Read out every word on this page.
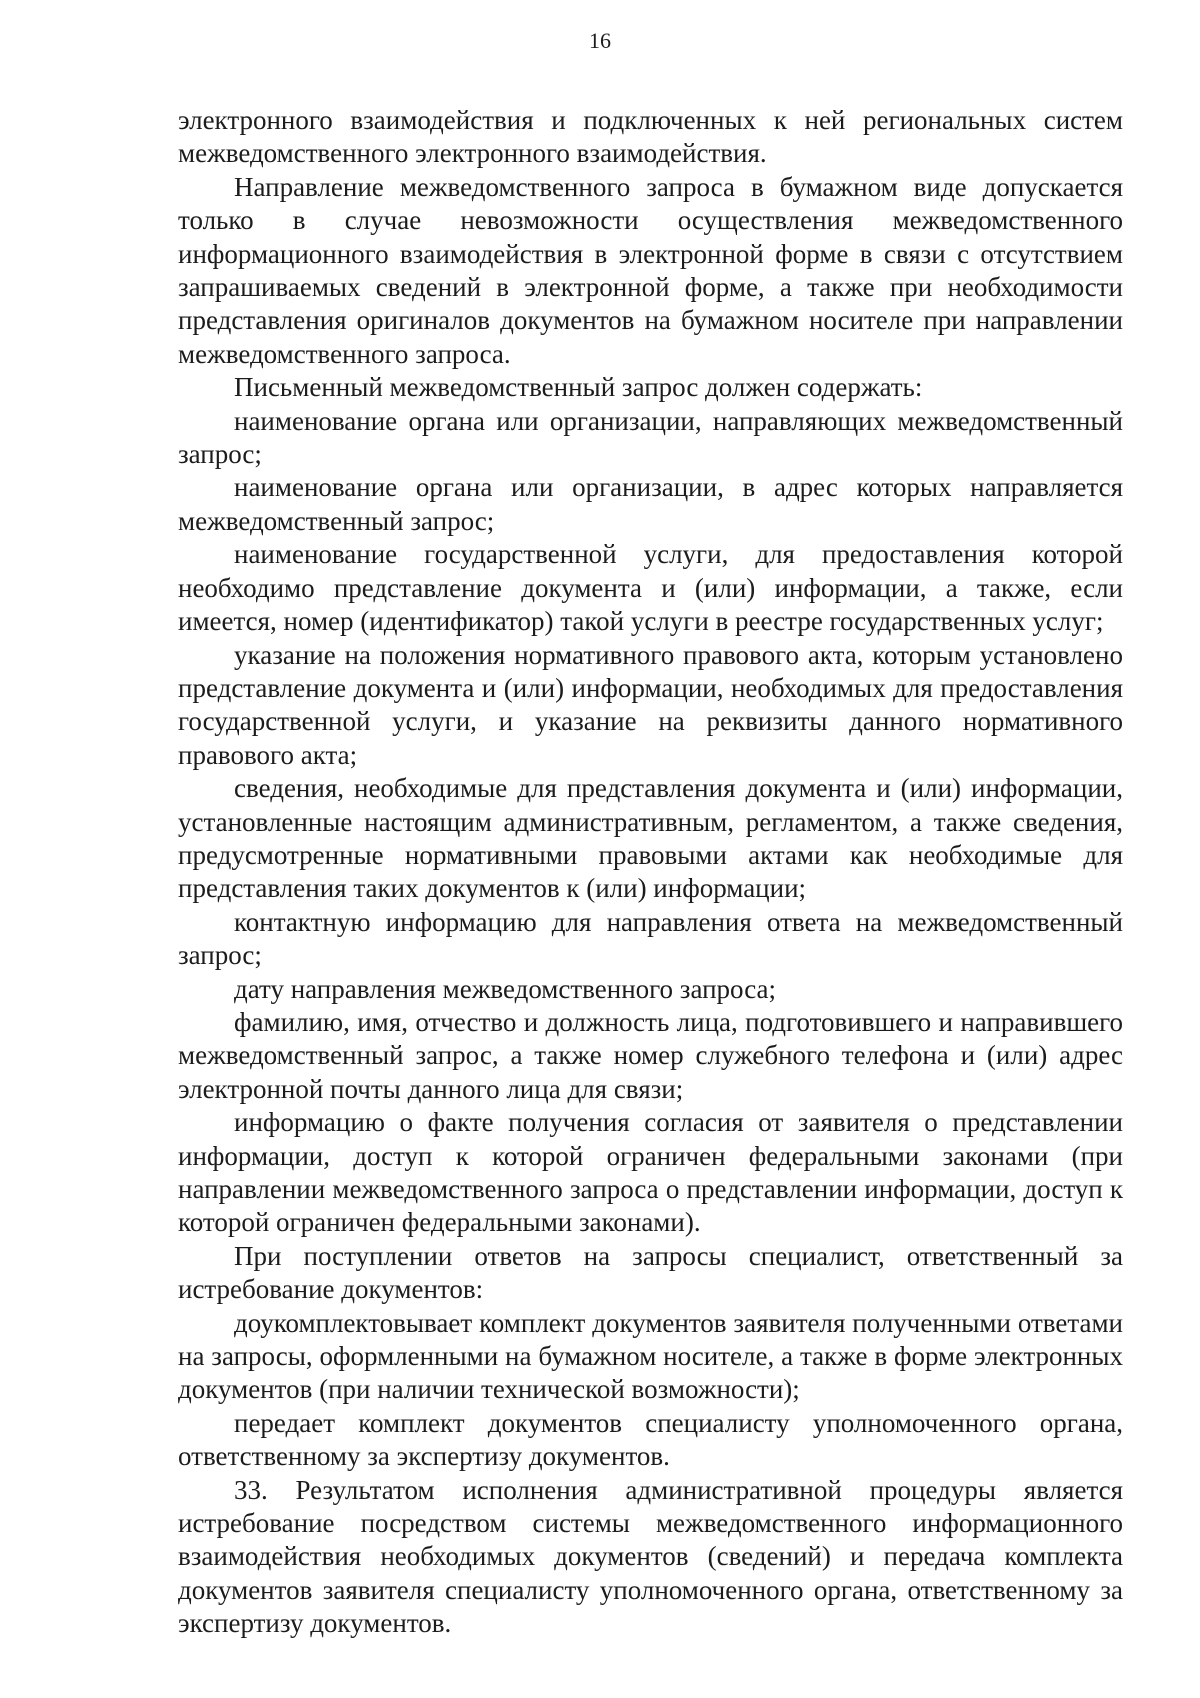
16

электронного взаимодействия и подключенных к ней региональных систем межведомственного электронного взаимодействия.

Направление межведомственного запроса в бумажном виде допускается только в случае невозможности осуществления межведомственного информационного взаимодействия в электронной форме в связи с отсутствием запрашиваемых сведений в электронной форме, а также при необходимости представления оригиналов документов на бумажном носителе при направлении межведомственного запроса.

Письменный межведомственный запрос должен содержать:

наименование органа или организации, направляющих межведомственный запрос;

наименование органа или организации, в адрес которых направляется межведомственный запрос;

наименование государственной услуги, для предоставления которой необходимо представление документа и (или) информации, а также, если имеется, номер (идентификатор) такой услуги в реестре государственных услуг;

указание на положения нормативного правового акта, которым установлено представление документа и (или) информации, необходимых для предоставления государственной услуги, и указание на реквизиты данного нормативного правового акта;

сведения, необходимые для представления документа и (или) информации, установленные настоящим административным, регламентом, а также сведения, предусмотренные нормативными правовыми актами как необходимые для представления таких документов к (или) информации;

контактную информацию для направления ответа на межведомственный запрос;

дату направления межведомственного запроса;

фамилию, имя, отчество и должность лица, подготовившего и направившего межведомственный запрос, а также номер служебного телефона и (или) адрес электронной почты данного лица для связи;

информацию о факте получения согласия от заявителя о представлении информации, доступ к которой ограничен федеральными законами (при направлении межведомственного запроса о представлении информации, доступ к которой ограничен федеральными законами).

При поступлении ответов на запросы специалист, ответственный за истребование документов:

доукомплектовывает комплект документов заявителя полученными ответами на запросы, оформленными на бумажном носителе, а также в форме электронных документов (при наличии технической возможности);

передает комплект документов специалисту уполномоченного органа, ответственному за экспертизу документов.

33. Результатом исполнения административной процедуры является истребование посредством системы межведомственного информационного взаимодействия необходимых документов (сведений) и передача комплекта документов заявителя специалисту уполномоченного органа, ответственному за экспертизу документов.
